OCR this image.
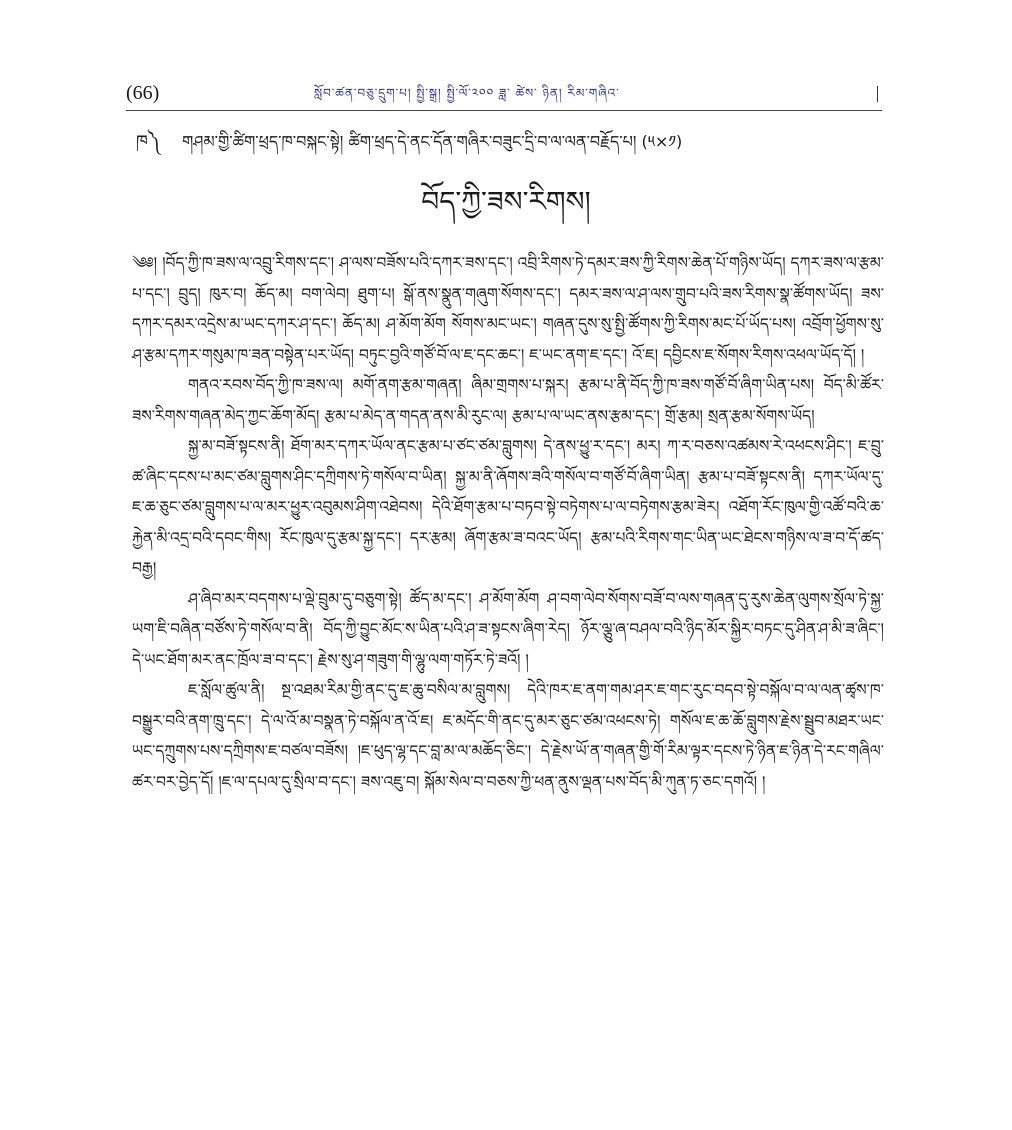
(66)	སློབ་ཚན་བཅུ་དྲུག་པ། སྤྱི་སྒྲ། སྤྱི་ལོ་༢༠༠ ཟླ་ ཚེས་ ཉིན། རིམ་གཞིའ་
ཁ༽ གཤམ་གྱི་ཚིག་ཕྲད་ཁ་བསྐང་སྟེ། ཚིག་ཕྲད་དེ་ནང་དོན་གཞིར་བཟུང་དྲི་བ་ལ་ལན་བརྗོད་པ། (༥×༡)
བོད་ཀྱི་ཟས་རིགས།

༄༅། །བོད་ཀྱི་ཁ་ཟས་ལ་འབྲུ་རིགས་དང་། ཤ་ལས་བཟོས་པའི་དཀར་ཟས་དང་། འབྲི་རིགས་ཏེ་དམར་ཟས་ཀྱི་རིགས་ཆེན་པོ་གཉིས་ཡོད། དཀར་ཟས་ལ་རྩམ་པ་དང་། བྲུད། ཁུར་བ། ཆོད་མ། བག་ལེབ། ཐུག་པ། སྒོ་ནས་སྣུན་གཞུག་སོགས་དང་། དམར་ཟས་ལ་ཤ་ལས་གྲུབ་པའི་ཟས་རིགས་སྣ་ཚོགས་ཡོད། ཟས་དཀར་དམར་འདྲེས་མ་ཡང་དཀར་ཤ་དང་། ཆོད་མ། ཤ་མོག་མོག སོགས་མང་ཡང་། གཞན་དུས་སུ་སྤྱི་ཚོགས་ཀྱི་རིགས་མང་པོ་ཡོད་པས། འབྲོག་ཕྱོགས་སུ་ཤ་རྩམ་དཀར་གསུམ་ཁ་ཟན་བསྟེན་པར་ཡོད། བཏུང་བྱའི་གཙོ་བོ་ལ་ཇ་དང་ཆང་། ཇ་ཡང་ནག་ཇ་དང་། འོ་ཇ། དབྱིངས་ཇ་སོགས་རིགས་འཕལ་ཡོད་དོ། །

གནའ་རབས་བོད་ཀྱི་ཁ་ཟས་ལ། མགོ་ནག་རྩམ་གཞན། ཞིམ་གྲགས་པ་སྐར། རྩམ་པ་ནི་བོད་ཀྱི་ཁ་ཟས་གཙོ་བོ་ཞིག་ཡིན་པས། བོད་མི་ཚོར་ཟས་རིགས་གཞན་མེད་ཀྱང་ཆོག་མོད། རྩམ་པ་མེད་ན་གདན་ནས་མི་རུང་ལ། རྩམ་པ་ལ་ཡང་ནས་རྩམ་དང་། གྲོ་རྩམ། སྲན་རྩམ་སོགས་ཡོད།

སྐྱ་མ་བཟོ་སྟངས་ནི། ཐོག་མར་དཀར་ཡོལ་ནང་རྩམ་པ་ཙང་ཙམ་བླུགས། དེ་ནས་ཕྱུ་ར་དང་། མར། ཀ་ར་བཅས་འཚམས་རེ་འཕངས་ཤིང་། ཇ་བྲུ་ཚ་ཞིང་དངས་པ་མང་ཙམ་བླུགས་ཤིང་དཀྲིགས་ཏེ་གསོལ་བ་ཡིན། སྐྱ་མ་ནི་ཞོགས་ཟའི་གསོལ་བ་གཙོ་བོ་ཞིག་ཡིན། རྩམ་པ་བཟོ་སྟངས་ནི། དཀར་ཡོལ་དུ་ཇ་ཆ་ཅུང་ཙམ་བླུགས་པ་ལ་མར་ཕྱུར་འབུམས་ཤིག་འཐེབས། དེའི་ཐོག་རྩམ་པ་བཏབ་སྟེ་བཏེགས་པ་ལ་བཏེགས་རྩམ་ཟེར། འཐོག་རོང་ཁུལ་གྱི་འཚོ་བའི་ཆ་རྐྱེན་མི་འདྲ་བའི་དབང་གིས། རོང་ཁུལ་དུ་རྩམ་སྐྱ་དང་། དར་རྩམ། ཞོག་རྩམ་ཟ་བའང་ཡོད། རྩམ་པའི་རིགས་གང་ཡིན་ཡང་ཐེངས་གཉིས་ལ་ཟ་བ་དོ་ཚད་བརྒྱ།

ཤ་ཞིབ་མར་བདགས་པ་ལྡེ་བྲུམ་དུ་བཅུག་སྟེ། ཚོད་མ་དང་། ཤ་མོག་མོག ཤ་བག་ལེབ་སོགས་བཟོ་བ་ལས་གཞན་དུ་རུས་ཆེན་ལུགས་སྲོལ་ཏེ་སྐྱ་ཡག་ཇི་བཞིན་བཙོས་ཏེ་གསོལ་བ་ནི། བོད་ཀྱི་བྱུང་མོང་ས་ཡིན་པའི་ཤ་ཟ་སྟངས་ཞིག་རེད། ཉོར་ལྕུ་ཞ་བཤལ་བའི་ཉིད་མོར་སྐྱིར་བཏང་དུ་ཤིན་ཤ་མི་ཟ་ཞིང་། དེ་ཡང་ཐོག་མར་ནང་ཁྲོལ་ཟ་བ་དང་། རྗེས་སུ་ཤ་གཟུག་གི་ལྷུ་ལག་གཏོར་ཏེ་ཟའོ། །

ཇ་སློལ་ཚུལ་ནི། སྔ་འཐམ་རིམ་གྱི་ནང་དུ་ཇ་ཆུ་བསིལ་མ་བླུགས། དེའི་ཁར་ཇ་ནག་གམ་ཤར་ཇ་གང་རུང་བདབ་སྟེ་བསྐོལ་བ་ལ་ལན་ཚྭས་ཁ་བསྒྱུར་བའི་ནག་ཁྲུ་དང་། དེ་ལ་འོ་མ་བསྣན་ཏེ་བསྐོལ་ན་འོ་ཇ། ཇ་མདོང་གི་ནང་དུ་མར་ཅུང་ཙམ་འཕངས་ཏེ། གསོལ་ཇ་ཆ་ཆོ་བླུགས་རྗེས་སྦྲུབ་མཐར་ཡང་ཡང་དཀྲུགས་པས་དཀྲིགས་ཇ་བཙལ་བཟོས། །ཇ་ཕུད་ལྷ་དང་བླ་མ་ལ་མཆོད་ཅིང་། དེ་རྗེས་ཡོ་ན་གཞན་གྱི་གོ་རིམ་ལྟར་དངས་ཏེ་ཉིན་ཇ་ཉིན་དེ་རང་གཞིལ་ཚར་བར་བྱེད་དོ། །ཇ་ལ་དཔལ་དུ་སྲིལ་བ་དང་། ཟས་འཇུ་བ། སྐོམ་སེལ་བ་བཅས་ཀྱི་ཕན་ནུས་ལྡན་པས་བོད་མི་ཀུན་ཏ་ཅང་དགའོ། །
